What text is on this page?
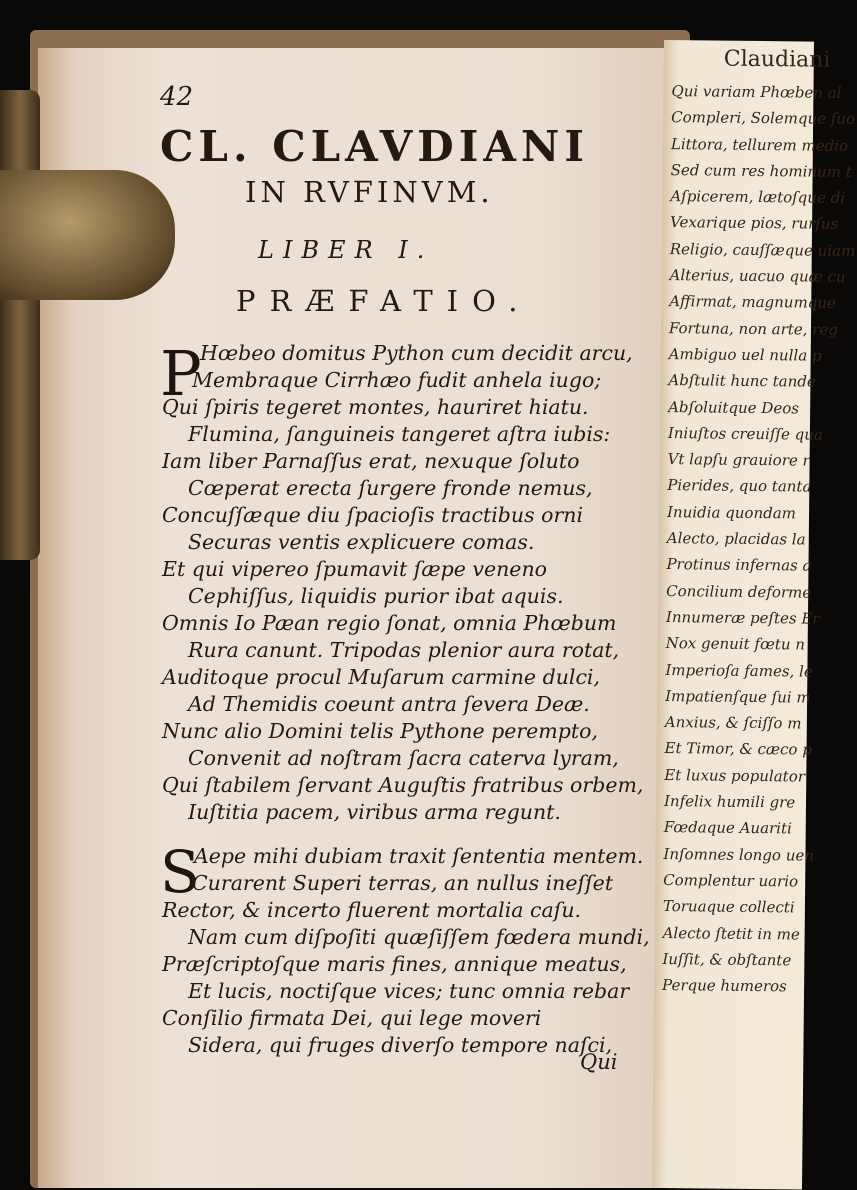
Claudiani
Qui variam Phœben al
Compleri, Solemque ſuo
Littora, tellurem medio
Sed cum res hominum t
Aſpicerem, lætoſque di
Vexarique pios, rurſus
Religio, cauſſæque uiam
Alterius, uacuo quæ cu
Affirmat, magnumque
Fortuna, non arte, reg
Ambiguo uel nulla p
Abſtulit hunc tande
Abſoluitque Deos
Iniuſtos creuiſſe qua
Vt lapſu grauiore r
Pierides, quo tanta
Inuidia quondam
Alecto, placidas la
Protinus infernas a
Concilium deforme
Innumeræ peſtes Er
Nox genuit fœtu n
Imperioſa fames, le
Impatienſque ſui m
Anxius, & ſciſſo m
Et Timor, & cæco p
Et luxus populator
Infelix humili gre
Fœdaque Auariti
Inſomnes longo uen
Complentur uario
Toruaque collecti
Alecto ſtetit in me
Iuſſit, & obſtante
Perque humeros
42
CL. CLAVDIANI
IN RVFINVM.
LIBER I.
PRÆFATIO.
P
Hœbeo domitus Python cum decidit arcu,
Membraque Cirrhæo fudit anhela iugo;
Qui ſpiris tegeret montes, hauriret hiatu.
Flumina, ſanguineis tangeret aſtra iubis:
Iam liber Parnaſſus erat, nexuque ſoluto
Cœperat erecta ſurgere fronde nemus,
Concuſſæque diu ſpacioſis tractibus orni
Securas ventis explicuere comas.
Et qui vipereo ſpumavit ſæpe veneno
Cephiſſus, liquidis purior ibat aquis.
Omnis Io Pæan regio ſonat, omnia Phœbum
Rura canunt. Tripodas plenior aura rotat,
Auditoque procul Muſarum carmine dulci,
Ad Themidis coeunt antra ſevera Deæ.
Nunc alio Domini telis Pythone perempto,
Convenit ad noſtram ſacra caterva lyram,
Qui ſtabilem ſervant Auguſtis fratribus orbem,
Iuſtitia pacem, viribus arma regunt.
S
Aepe mihi dubiam traxit ſententia mentem.
Curarent Superi terras, an nullus ineſſet
Rector, & incerto fluerent mortalia caſu.
Nam cum diſpoſiti quæſiſſem fœdera mundi,
Præſcriptoſque maris fines, annique meatus,
Et lucis, noctiſque vices; tunc omnia rebar
Conſilio firmata Dei, qui lege moveri
Sidera, qui fruges diverſo tempore naſci,
Qui
